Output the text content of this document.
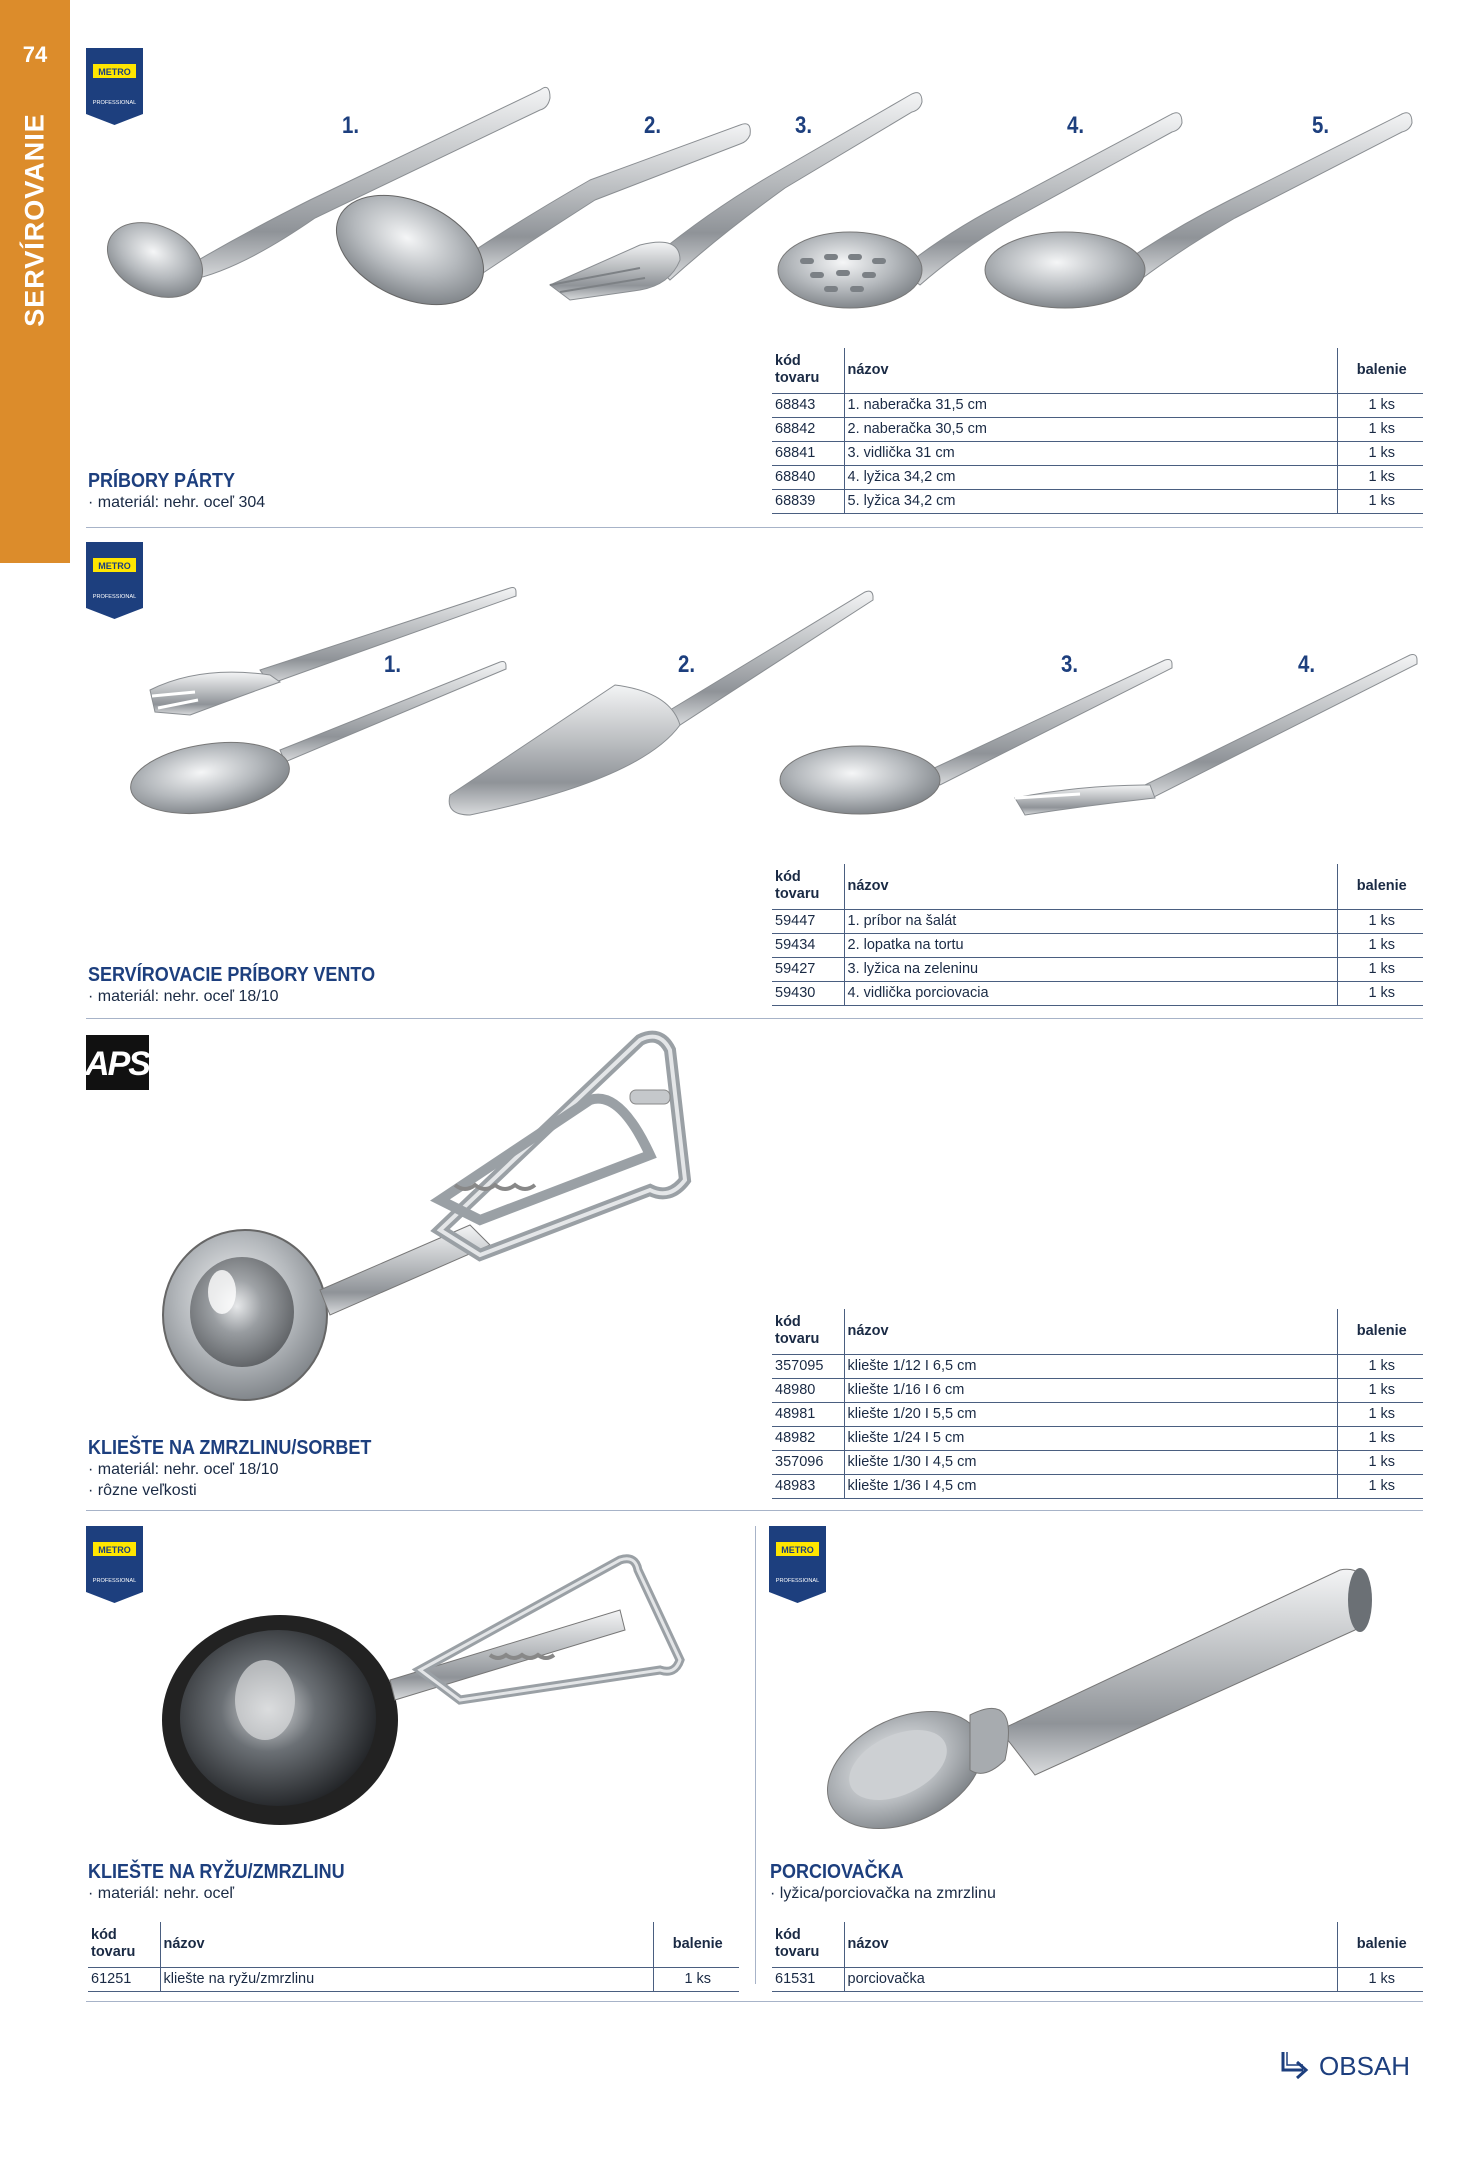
74
SERVÍROVANIE
METRO
PROFESSIONAL
1.	2.	3.	4.	5.
PRÍBORY PÁRTY
· materiál: nehr. oceľ 304
kód
tovaru	názov	balenie
68843	1. naberačka 31,5 cm	1 ks
68842	2. naberačka 30,5 cm	1 ks
68841	3. vidlička 31 cm	1 ks
68840	4. lyžica 34,2 cm	1 ks
68839	5. lyžica 34,2 cm	1 ks
METRO
PROFESSIONAL
1.	2.	3.	4.
SERVÍROVACIE PRÍBORY VENTO
· materiál: nehr. oceľ 18/10
kód
tovaru	názov	balenie
59447	1. príbor na šalát	1 ks
59434	2. lopatka na tortu	1 ks
59427	3. lyžica na zeleninu	1 ks
59430	4. vidlička porciovacia	1 ks
APS
KLIEŠTE NA ZMRZLINU/SORBET
· materiál: nehr. oceľ 18/10
· rôzne veľkosti
kód
tovaru	názov	balenie
357095	kliešte 1/12 I 6,5 cm	1 ks
48980	kliešte 1/16 I 6 cm	1 ks
48981	kliešte 1/20 I 5,5 cm	1 ks
48982	kliešte 1/24 I 5 cm	1 ks
357096	kliešte 1/30 I 4,5 cm	1 ks
48983	kliešte 1/36 I 4,5 cm	1 ks
METRO
PROFESSIONAL
KLIEŠTE NA RYŽU/ZMRZLINU
· materiál: nehr. oceľ
kód
tovaru	názov	balenie
61251	kliešte na ryžu/zmrzlinu	1 ks
METRO
PROFESSIONAL
PORCIOVAČKA
· lyžica/porciovačka na zmrzlinu
kód
tovaru	názov	balenie
61531	porciovačka	1 ks
OBSAH
